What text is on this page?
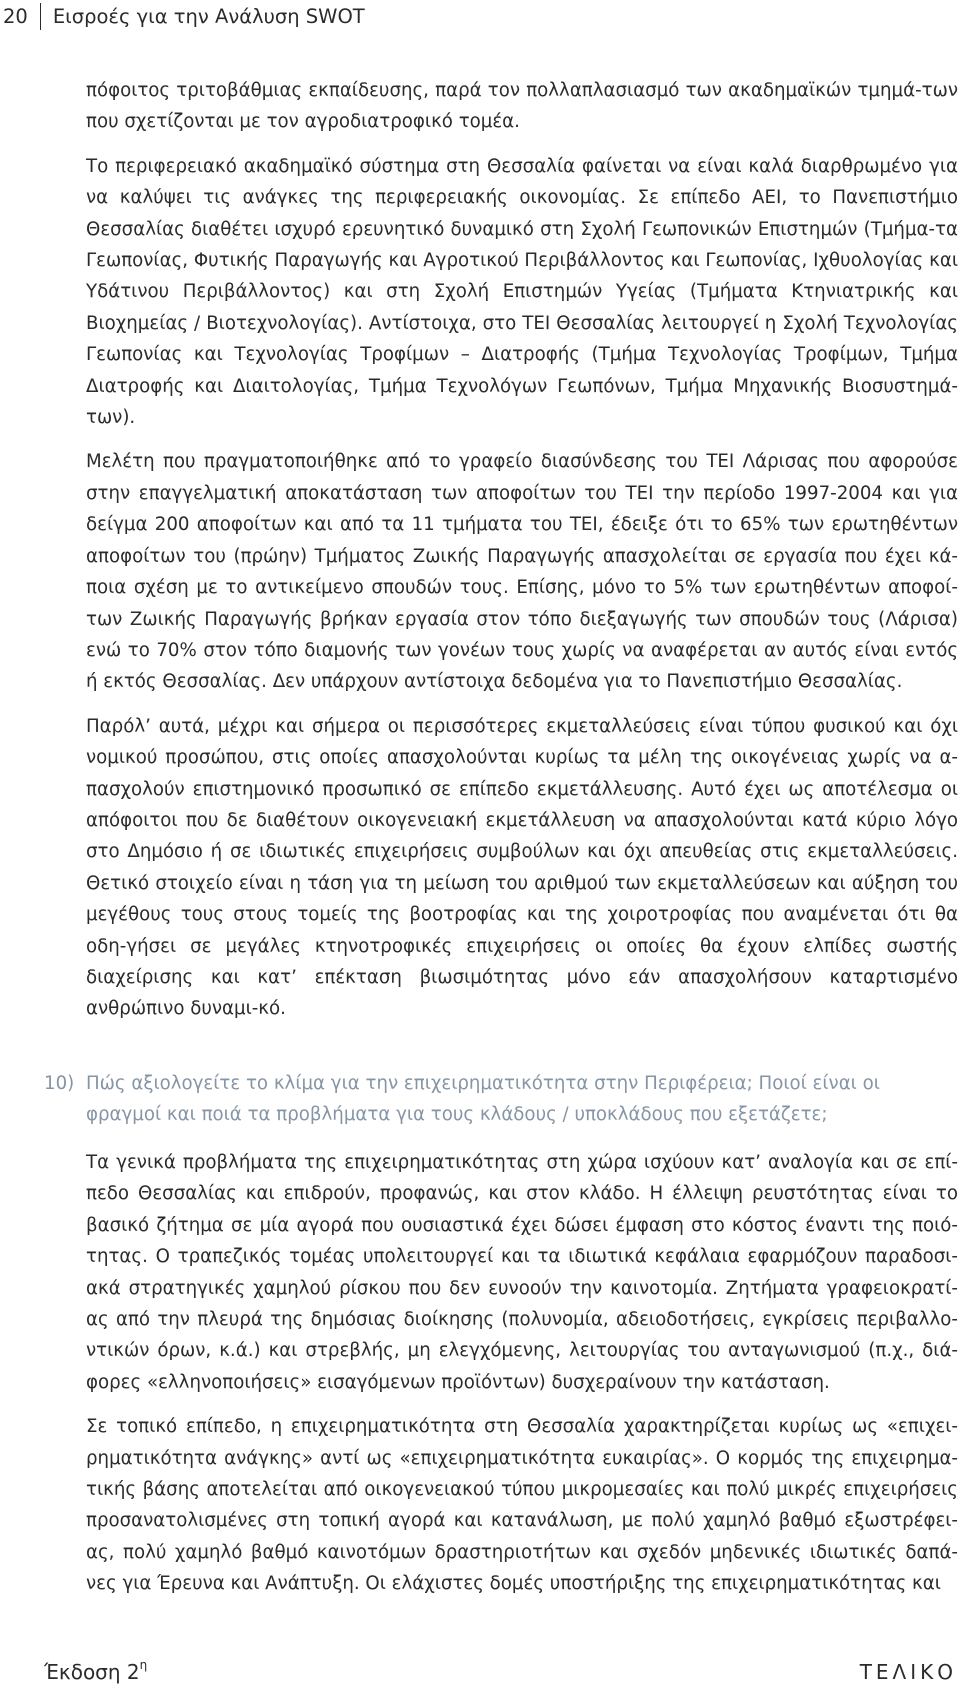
20	Εισροές για την Ανάλυση SWOT

πόφοιτος τριτοβάθμιας εκπαίδευσης, παρά τον πολλαπλασιασμό των ακαδημαϊκών τμημά-των που σχετίζονται με τον αγροδιατροφικό τομέα.

Το περιφερειακό ακαδημαϊκό σύστημα στη Θεσσαλία φαίνεται να είναι καλά διαρθρωμένο για να καλύψει τις ανάγκες της περιφερειακής οικονομίας. Σε επίπεδο ΑΕΙ, το Πανεπιστήμιο Θεσσαλίας διαθέτει ισχυρό ερευνητικό δυναμικό στη Σχολή Γεωπονικών Επιστημών (Τμήμα-τα Γεωπονίας, Φυτικής Παραγωγής και Αγροτικού Περιβάλλοντος και Γεωπονίας, Ιχθυολογίας και Υδάτινου Περιβάλλοντος) και στη Σχολή Επιστημών Υγείας (Τμήματα Κτηνιατρικής και Βιοχημείας / Βιοτεχνολογίας). Αντίστοιχα, στο ΤΕΙ Θεσσαλίας λειτουργεί η Σχολή Τεχνολογίας Γεωπονίας και Τεχνολογίας Τροφίμων – Διατροφής (Τμήμα Τεχνολογίας Τροφίμων, Τμήμα Διατροφής και Διαιτολογίας, Τμήμα Τεχνολόγων Γεωπόνων, Τμήμα Μηχανικής Βιοσυστημά-των).

Μελέτη που πραγματοποιήθηκε από το γραφείο διασύνδεσης του ΤΕΙ Λάρισας που αφορούσε στην επαγγελματική αποκατάσταση των αποφοίτων του ΤΕΙ την περίοδο 1997-2004 και για δείγμα 200 αποφοίτων και από τα 11 τμήματα του ΤΕΙ, έδειξε ότι το 65% των ερωτηθέντων αποφοίτων του (πρώην) Τμήματος Ζωικής Παραγωγής απασχολείται σε εργασία που έχει κά-ποια σχέση με το αντικείμενο σπουδών τους. Επίσης, μόνο το 5% των ερωτηθέντων αποφοί-των Ζωικής Παραγωγής βρήκαν εργασία στον τόπο διεξαγωγής των σπουδών τους (Λάρισα) ενώ το 70% στον τόπο διαμονής των γονέων τους χωρίς να αναφέρεται αν αυτός είναι εντός ή εκτός Θεσσαλίας. Δεν υπάρχουν αντίστοιχα δεδομένα για το Πανεπιστήμιο Θεσσαλίας.

Παρόλ’ αυτά, μέχρι και σήμερα οι περισσότερες εκμεταλλεύσεις είναι τύπου φυσικού και όχι νομικού προσώπου, στις οποίες απασχολούνται κυρίως τα μέλη της οικογένειας χωρίς να α-πασχολούν επιστημονικό προσωπικό σε επίπεδο εκμετάλλευσης. Αυτό έχει ως αποτέλεσμα οι απόφοιτοι που δε διαθέτουν οικογενειακή εκμετάλλευση να απασχολούνται κατά κύριο λόγο στο Δημόσιο ή σε ιδιωτικές επιχειρήσεις συμβούλων και όχι απευθείας στις εκμεταλλεύσεις. Θετικό στοιχείο είναι η τάση για τη μείωση του αριθμού των εκμεταλλεύσεων και αύξηση του μεγέθους τους στους τομείς της βοοτροφίας και της χοιροτροφίας που αναμένεται ότι θα οδη-γήσει σε μεγάλες κτηνοτροφικές επιχειρήσεις οι οποίες θα έχουν ελπίδες σωστής διαχείρισης και κατ’ επέκταση βιωσιμότητας μόνο εάν απασχολήσουν καταρτισμένο ανθρώπινο δυναμι-κό.

10) Πώς αξιολογείτε το κλίμα για την επιχειρηματικότητα στην Περιφέρεια; Ποιοί είναι οι φραγμοί και ποιά τα προβλήματα για τους κλάδους / υποκλάδους που εξετάζετε;

Τα γενικά προβλήματα της επιχειρηματικότητας στη χώρα ισχύουν κατ’ αναλογία και σε επί-πεδο Θεσσαλίας και επιδρούν, προφανώς, και στον κλάδο. Η έλλειψη ρευστότητας είναι το βασικό ζήτημα σε μία αγορά που ουσιαστικά έχει δώσει έμφαση στο κόστος έναντι της ποιό-τητας. Ο τραπεζικός τομέας υπολειτουργεί και τα ιδιωτικά κεφάλαια εφαρμόζουν παραδοσι-ακά στρατηγικές χαμηλού ρίσκου που δεν ευνοούν την καινοτομία. Ζητήματα γραφειοκρατί-ας από την πλευρά της δημόσιας διοίκησης (πολυνομία, αδειοδοτήσεις, εγκρίσεις περιβαλλο-ντικών όρων, κ.ά.) και στρεβλής, μη ελεγχόμενης, λειτουργίας του ανταγωνισμού (π.χ., διά-φορες «ελληνοποιήσεις» εισαγόμενων προϊόντων) δυσχεραίνουν την κατάσταση.

Σε τοπικό επίπεδο, η επιχειρηματικότητα στη Θεσσαλία χαρακτηρίζεται κυρίως ως «επιχει-ρηματικότητα ανάγκης» αντί ως «επιχειρηματικότητα ευκαιρίας». Ο κορμός της επιχειρημα-τικής βάσης αποτελείται από οικογενειακού τύπου μικρομεσαίες και πολύ μικρές επιχειρήσεις προσανατολισμένες στη τοπική αγορά και κατανάλωση, με πολύ χαμηλό βαθμό εξωστρέφει-ας, πολύ χαμηλό βαθμό καινοτόμων δραστηριοτήτων και σχεδόν μηδενικές ιδιωτικές δαπά-νες για Έρευνα και Ανάπτυξη. Οι ελάχιστες δομές υποστήριξης της επιχειρηματικότητας και

Έκδοση $2^\eta$	ΤΕΛΙΚΟ
